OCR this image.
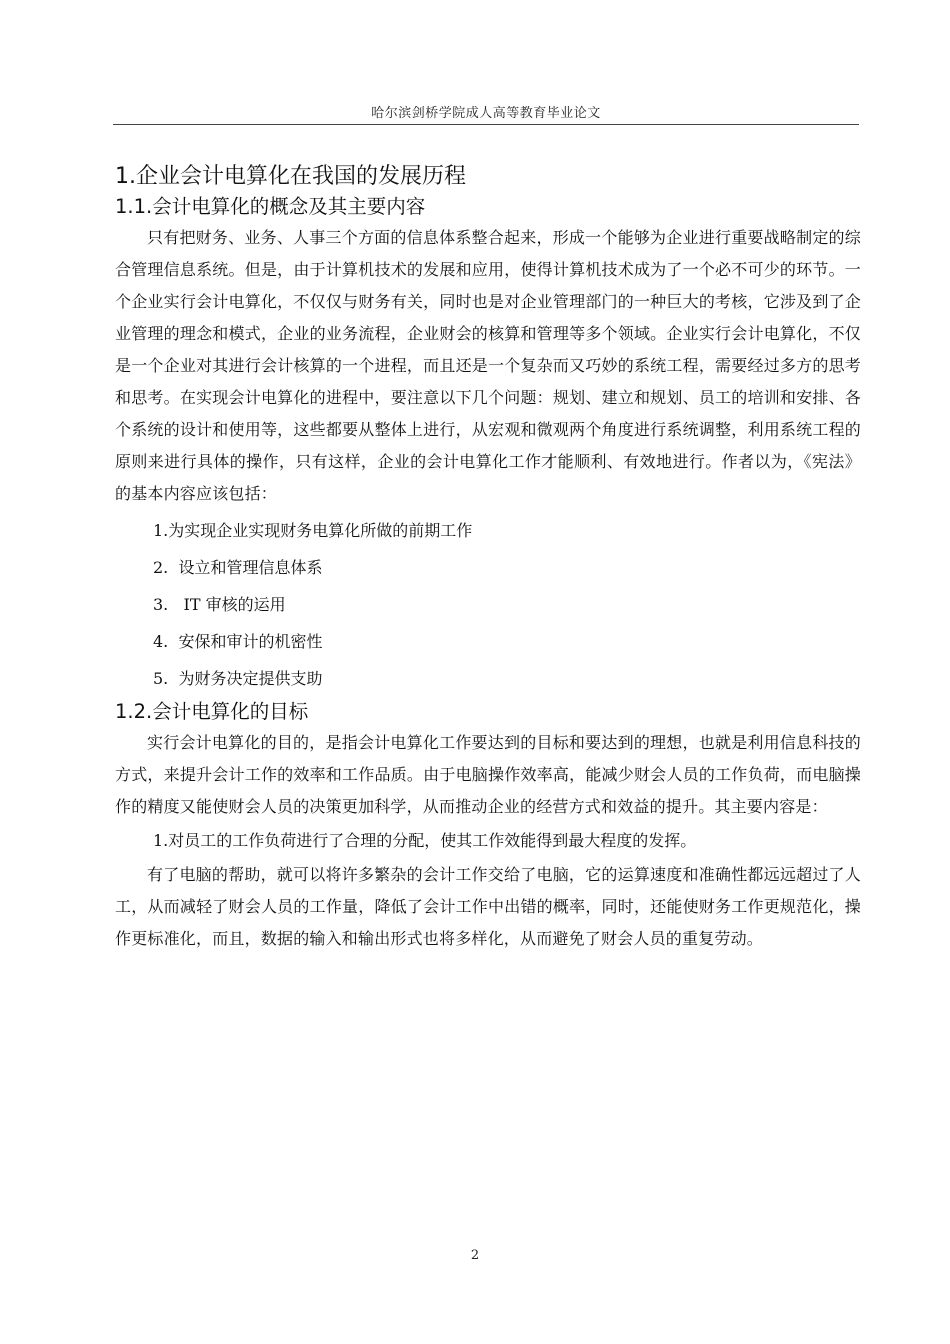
哈尔滨剑桥学院成人高等教育毕业论文
1.企业会计电算化在我国的发展历程
1.1.会计电算化的概念及其主要内容

只有把财务、业务、人事三个方面的信息体系整合起来，形成一个能够为企业进行重要战略制定的综合管理信息系统。但是，由于计算机技术的发展和应用，使得计算机技术成为了一个必不可少的环节。一个企业实行会计电算化，不仅仅与财务有关，同时也是对企业管理部门的一种巨大的考核，它涉及到了企业管理的理念和模式，企业的业务流程，企业财会的核算和管理等多个领域。企业实行会计电算化，不仅是一个企业对其进行会计核算的一个进程，而且还是一个复杂而又巧妙的系统工程，需要经过多方的思考和思考。在实现会计电算化的进程中，要注意以下几个问题：规划、建立和规划、员工的培训和安排、各个系统的设计和使用等，这些都要从整体上进行，从宏观和微观两个角度进行系统调整，利用系统工程的原则来进行具体的操作，只有这样，企业的会计电算化工作才能顺利、有效地进行。作者以为，《宪法》的基本内容应该包括：

1.为实现企业实现财务电算化所做的前期工作
2.  设立和管理信息体系
3.   IT 审核的运用
4.  安保和审计的机密性
5.  为财务决定提供支助
1.2.会计电算化的目标

实行会计电算化的目的，是指会计电算化工作要达到的目标和要达到的理想，也就是利用信息科技的方式，来提升会计工作的效率和工作品质。由于电脑操作效率高，能减少财会人员的工作负荷，而电脑操作的精度又能使财会人员的决策更加科学，从而推动企业的经营方式和效益的提升。其主要内容是：

1.对员工的工作负荷进行了合理的分配，使其工作效能得到最大程度的发挥。

有了电脑的帮助，就可以将许多繁杂的会计工作交给了电脑，它的运算速度和准确性都远远超过了人工，从而减轻了财会人员的工作量，降低了会计工作中出错的概率，同时，还能使财务工作更规范化，操作更标准化，而且，数据的输入和输出形式也将多样化，从而避免了财会人员的重复劳动。

2
